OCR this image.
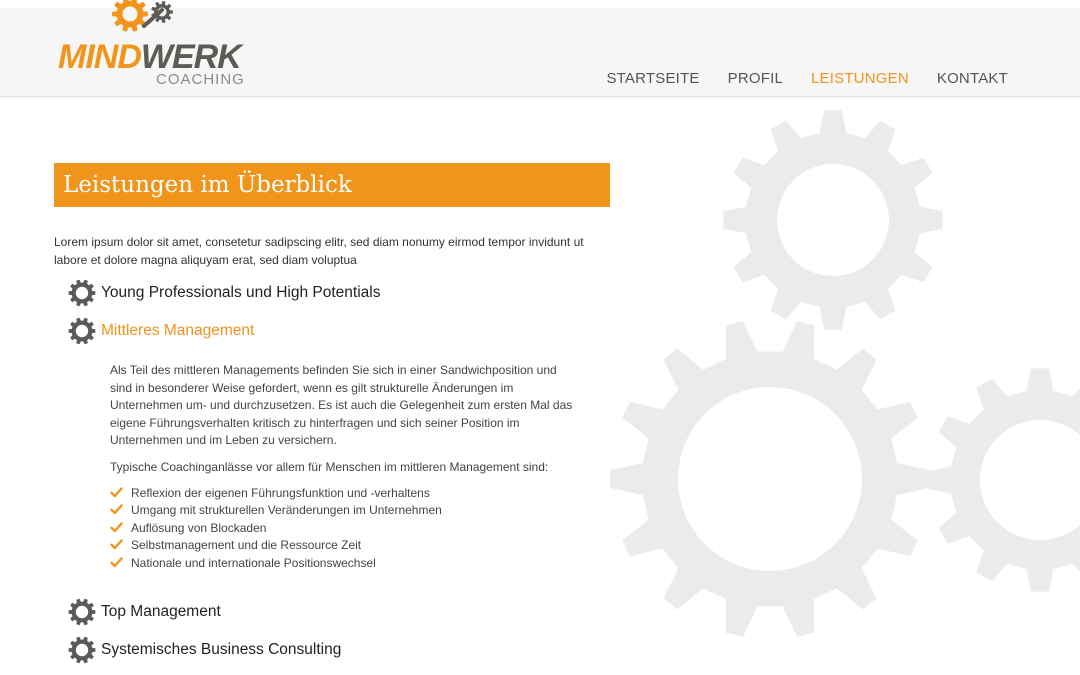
MINDWERK
COACHING	STARTSEITE PROFIL LEISTUNGEN KONTAKT
Leistungen im Überblick
Lorem ipsum dolor sit amet, consetetur sadipscing elitr, sed diam nonumy eirmod tempor invidunt ut labore et dolore magna aliquyam erat, sed diam voluptua
Young Professionals und High Potentials
Mittleres Management

Als Teil des mittleren Managements befinden Sie sich in einer Sandwichposition und sind in besonderer Weise gefordert, wenn es gilt strukturelle Änderungen im Unternehmen um- und durchzusetzen. Es ist auch die Gelegenheit zum ersten Mal das eigene Führungsverhalten kritisch zu hinterfragen und sich seiner Position im Unternehmen und im Leben zu versichern.

Typische Coachinganlässe vor allem für Menschen im mittleren Management sind:

Reflexion der eigenen Führungsfunktion und -verhaltens
Umgang mit strukturellen Veränderungen im Unternehmen
Auflösung von Blockaden
Selbstmanagement und die Ressource Zeit
Nationale und internationale Positionswechsel
Top Management
Systemisches Business Consulting
